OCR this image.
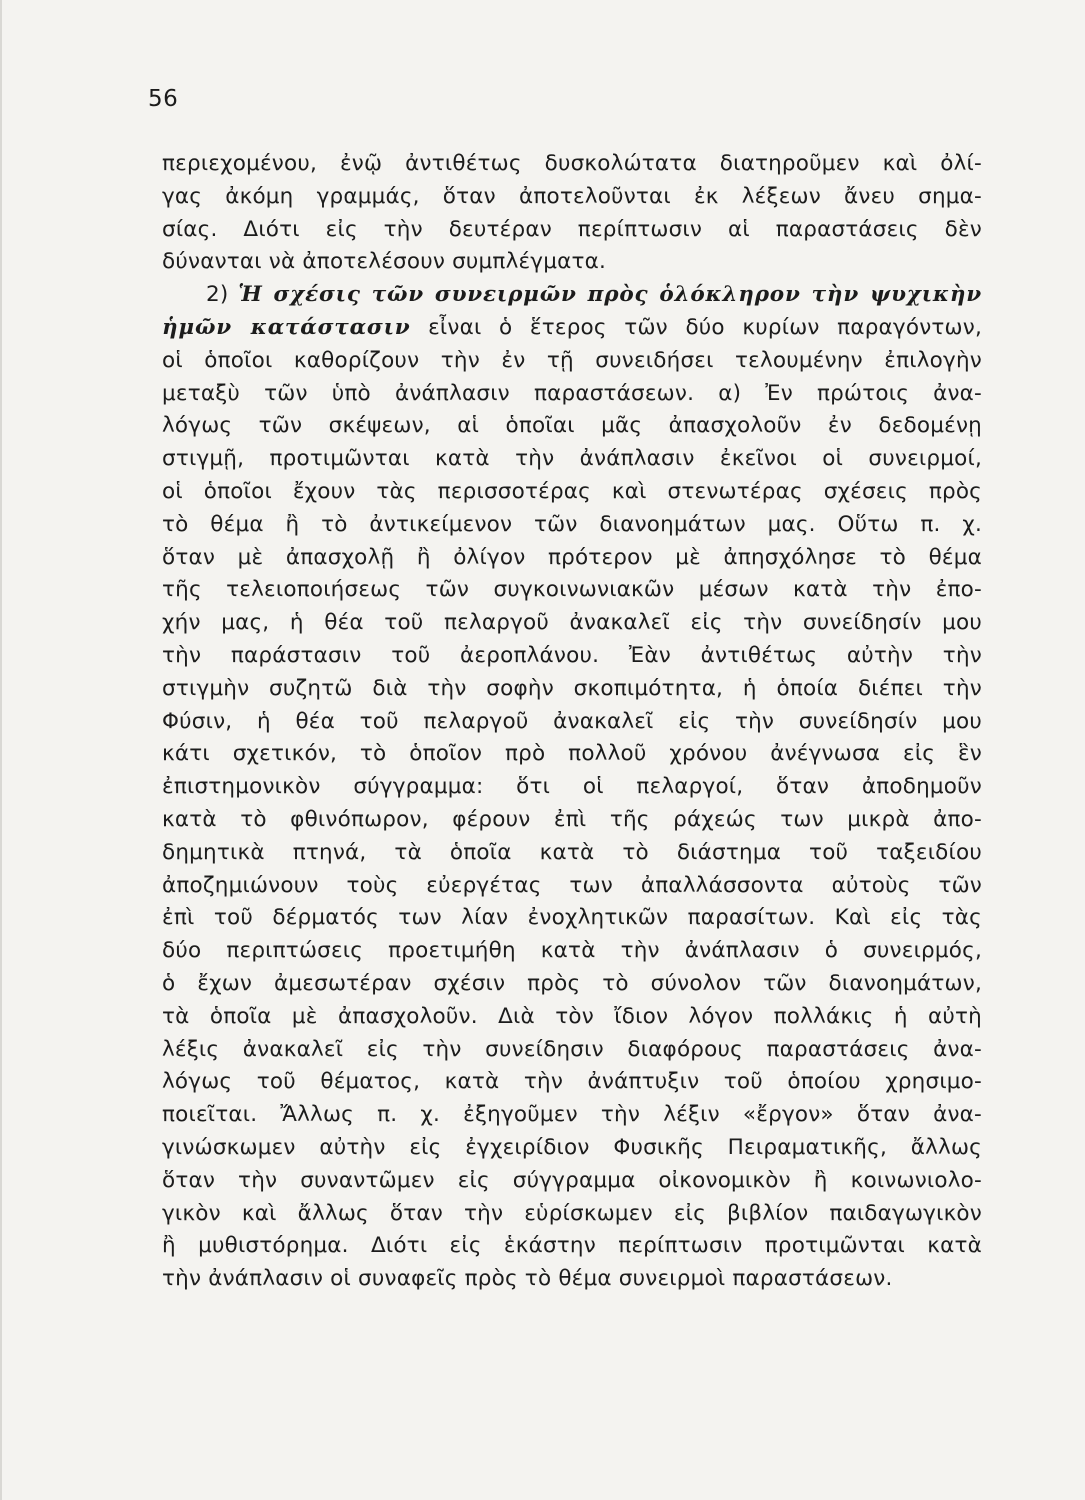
56
περιεχομένου, ἐνῷ ἀντιθέτως δυσκολώτατα διατηροῦμεν καὶ ὀλί-
γας ἀκόμη γραμμάς, ὅταν ἀποτελοῦνται ἐκ λέξεων ἄνευ σημα-
σίας. Διότι εἰς τὴν δευτέραν περίπτωσιν αἱ παραστάσεις δὲν
δύνανται νὰ ἀποτελέσουν συμπλέγματα.
2) Ἡ σχέσις τῶν συνειρμῶν πρὸς ὁλόκληρον τὴν ψυχικὴν
ἡμῶν κατάστασιν εἶναι ὁ ἕτερος τῶν δύο κυρίων παραγόντων,
οἱ ὁποῖοι καθορίζουν τὴν ἐν τῇ συνειδήσει τελουμένην ἐπιλογὴν
μεταξὺ τῶν ὑπὸ ἀνάπλασιν παραστάσεων. α) Ἐν πρώτοις ἀνα-
λόγως τῶν σκέψεων, αἱ ὁποῖαι μᾶς ἀπασχολοῦν ἐν δεδομένῃ
στιγμῇ, προτιμῶνται κατὰ τὴν ἀνάπλασιν ἐκεῖνοι οἱ συνειρμοί,
οἱ ὁποῖοι ἔχουν τὰς περισσοτέρας καὶ στενωτέρας σχέσεις πρὸς
τὸ θέμα ἢ τὸ ἀντικείμενον τῶν διανοημάτων μας. Οὕτω π. χ.
ὅταν μὲ ἀπασχολῇ ἢ ὀλίγον πρότερον μὲ ἀπησχόλησε τὸ θέμα
τῆς τελειοποιήσεως τῶν συγκοινωνιακῶν μέσων κατὰ τὴν ἐπο-
χήν μας, ἡ θέα τοῦ πελαργοῦ ἀνακαλεῖ εἰς τὴν συνείδησίν μου
τὴν παράστασιν τοῦ ἀεροπλάνου. Ἐὰν ἀντιθέτως αὐτὴν τὴν
στιγμὴν συζητῶ διὰ τὴν σοφὴν σκοπιμότητα, ἡ ὁποία διέπει τὴν
Φύσιν, ἡ θέα τοῦ πελαργοῦ ἀνακαλεῖ εἰς τὴν συνείδησίν μου
κάτι σχετικόν, τὸ ὁποῖον πρὸ πολλοῦ χρόνου ἀνέγνωσα εἰς ἓν
ἐπιστημονικὸν σύγγραμμα: ὅτι οἱ πελαργοί, ὅταν ἀποδημοῦν
κατὰ τὸ φθινόπωρον, φέρουν ἐπὶ τῆς ράχεώς των μικρὰ ἀπο-
δημητικὰ πτηνά, τὰ ὁποῖα κατὰ τὸ διάστημα τοῦ ταξειδίου
ἀποζημιώνουν τοὺς εὐεργέτας των ἀπαλλάσσοντα αὐτοὺς τῶν
ἐπὶ τοῦ δέρματός των λίαν ἐνοχλητικῶν παρασίτων. Καὶ εἰς τὰς
δύο περιπτώσεις προετιμήθη κατὰ τὴν ἀνάπλασιν ὁ συνειρμός,
ὁ ἔχων ἀμεσωτέραν σχέσιν πρὸς τὸ σύνολον τῶν διανοημάτων,
τὰ ὁποῖα μὲ ἀπασχολοῦν. Διὰ τὸν ἴδιον λόγον πολλάκις ἡ αὐτὴ
λέξις ἀνακαλεῖ εἰς τὴν συνείδησιν διαφόρους παραστάσεις ἀνα-
λόγως τοῦ θέματος, κατὰ τὴν ἀνάπτυξιν τοῦ ὁποίου χρησιμο-
ποιεῖται. Ἄλλως π. χ. ἐξηγοῦμεν τὴν λέξιν «ἔργον» ὅταν ἀνα-
γινώσκωμεν αὐτὴν εἰς ἐγχειρίδιον Φυσικῆς Πειραματικῆς, ἄλλως
ὅταν τὴν συναντῶμεν εἰς σύγγραμμα οἰκονομικὸν ἢ κοινωνιολο-
γικὸν καὶ ἄλλως ὅταν τὴν εὑρίσκωμεν εἰς βιβλίον παιδαγωγικὸν
ἢ μυθιστόρημα. Διότι εἰς ἑκάστην περίπτωσιν προτιμῶνται κατὰ
τὴν ἀνάπλασιν οἱ συναφεῖς πρὸς τὸ θέμα συνειρμοὶ παραστάσεων.
